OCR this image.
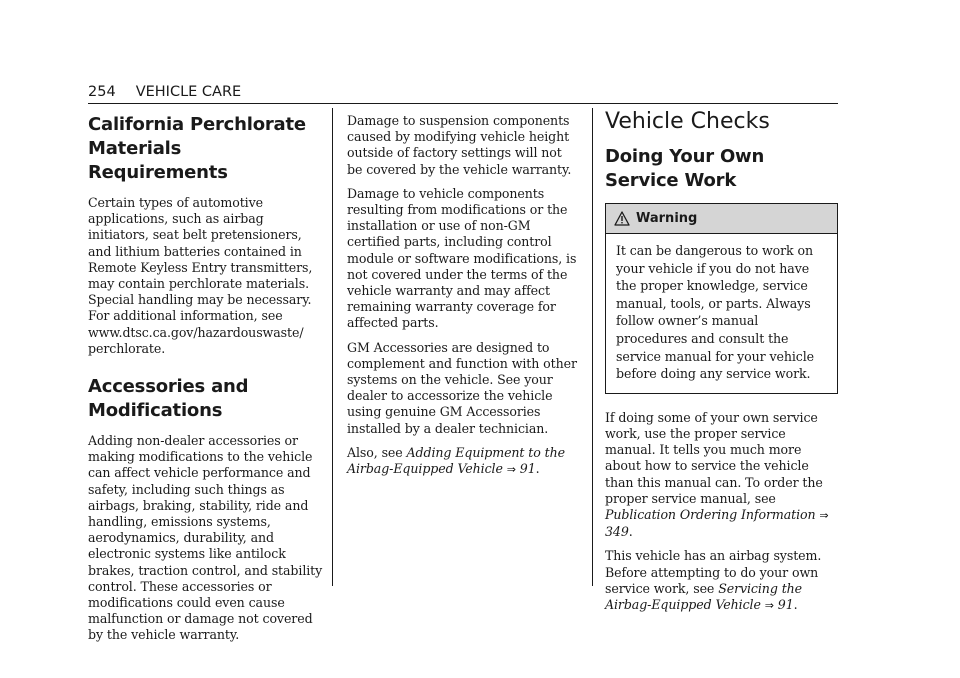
254 VEHICLE CARE
California Perchlorate
Materials Requirements

Certain types of automotive applications, such as airbag initiators, seat belt pretensioners, and lithium batteries contained in Remote Keyless Entry transmitters, may contain perchlorate materials. Special handling may be necessary. For additional information, see www.dtsc.ca.gov/hazardouswaste/ perchlorate.

Accessories and
Modifications

Adding non-dealer accessories or making modifications to the vehicle can affect vehicle performance and safety, including such things as airbags, braking, stability, ride and handling, emissions systems, aerodynamics, durability, and electronic systems like antilock brakes, traction control, and stability control. These accessories or modifications could even cause malfunction or damage not covered by the vehicle warranty.

Damage to suspension components caused by modifying vehicle height outside of factory settings will not be covered by the vehicle warranty.

Damage to vehicle components resulting from modifications or the installation or use of non-GM certified parts, including control module or software modifications, is not covered under the terms of the vehicle warranty and may affect remaining warranty coverage for affected parts.

GM Accessories are designed to complement and function with other systems on the vehicle. See your dealer to accessorize the vehicle using genuine GM Accessories installed by a dealer technician.

Also, see Adding Equipment to the Airbag-Equipped Vehicle ⇒ 91.

Vehicle Checks
Doing Your Own
Service Work
Warning

It can be dangerous to work on your vehicle if you do not have the proper knowledge, service manual, tools, or parts. Always follow owner’s manual procedures and consult the service manual for your vehicle before doing any service work.

If doing some of your own service work, use the proper service manual. It tells you much more about how to service the vehicle than this manual can. To order the proper service manual, see Publication Ordering Information ⇒ 349.

This vehicle has an airbag system. Before attempting to do your own service work, see Servicing the Airbag-Equipped Vehicle ⇒ 91.
